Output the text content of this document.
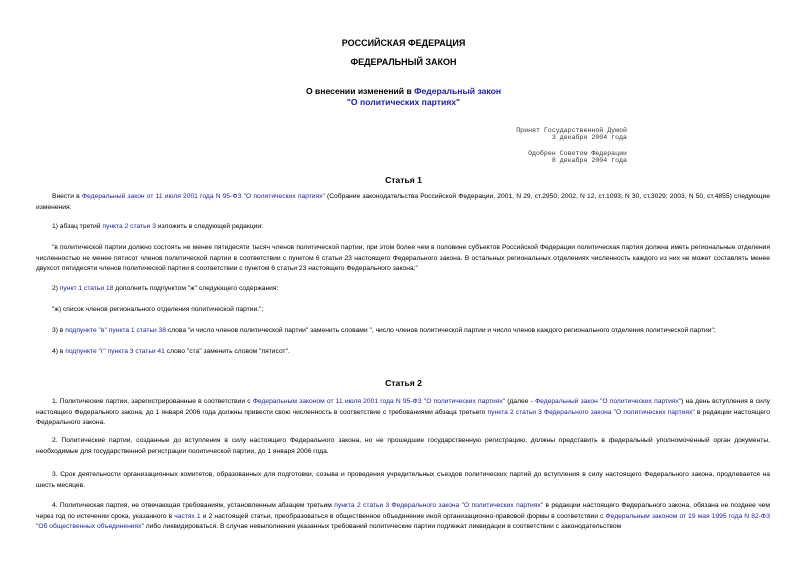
РОССИЙСКАЯ ФЕДЕРАЦИЯ
ФЕДЕРАЛЬНЫЙ ЗАКОН
О внесении изменений в Федеральный закон
"О политических партиях"
Принят Государственной Думой
3 декабря 2004 года
Одобрен Советом Федерации
8 декабря 2004 года
Статья 1
Внести в Федеральный закон от 11 июля 2001 года N 95-ФЗ "О политических партиях" (Собрание законодательства Российской Федерации, 2001, N 29, ст.2950; 2002, N 12, ст.1093; N 30, ст.3029; 2003, N 50, ст.4855) следующие изменения:
1) абзац третий пункта 2 статьи 3 изложить в следующей редакции:
"в политической партии должно состоять не менее пятидесяти тысяч членов политической партии, при этом более чем в половине субъектов Российской Федерации политическая партия должна иметь региональные отделения численностью не менее пятисот членов политической партии в соответствии с пунктом 6 статьи 23 настоящего Федерального закона. В остальных региональных отделениях численность каждого из них не может составлять менее двухсот пятидесяти членов политической партии в соответствии с пунктом 6 статьи 23 настоящего Федерального закона;"
2) пункт 1 статьи 18 дополнить подпунктом "ж" следующего содержания:
"ж) список членов регионального отделения политической партии.";
3) в подпункте "в" пункта 1 статьи 38 слова "и число членов политической партии" заменить словами ", число членов политической партии и число членов каждого регионального отделения политической партии";
4) в подпункте "г" пункта 3 статьи 41 слово "ста" заменить словом "пятисот".
Статья 2
1. Политические партии, зарегистрированные в соответствии с Федеральным законом от 11 июля 2001 года N 95-ФЗ "О политических партиях" (далее - Федеральный закон "О политических партиях") на день вступления в силу настоящего Федерального закона, до 1 января 2006 года должны привести свою численность в соответствие с требованиями абзаца третьего пункта 2 статьи 3 Федерального закона "О политических партиях" в редакции настоящего Федерального закона.
2. Политические партии, созданные до вступления в силу настоящего Федерального закона, но не прошедшие государственную регистрацию, должны представить в федеральный уполномоченный орган документы, необходимые для государственной регистрации политической партии, до 1 января 2006 года.
3. Срок деятельности организационных комитетов, образованных для подготовки, созыва и проведения учредительных съездов политических партий до вступления в силу настоящего Федерального закона, продлевается на шесть месяцев.
4. Политическая партия, не отвечающая требованиям, установленным абзацем третьим пункта 2 статьи 3 Федерального закона "О политических партиях" в редакции настоящего Федерального закона, обязана не позднее чем через год по истечении срока, указанного в частях 1 и 2 настоящей статьи, преобразоваться в общественное объединение иной организационно-правовой формы в соответствии с Федеральным законом от 19 мая 1995 года N 82-ФЗ "Об общественных объединениях" либо ликвидироваться. В случае невыполнения указанных требований политические партии подлежат ликвидации в соответствии с законодательством
